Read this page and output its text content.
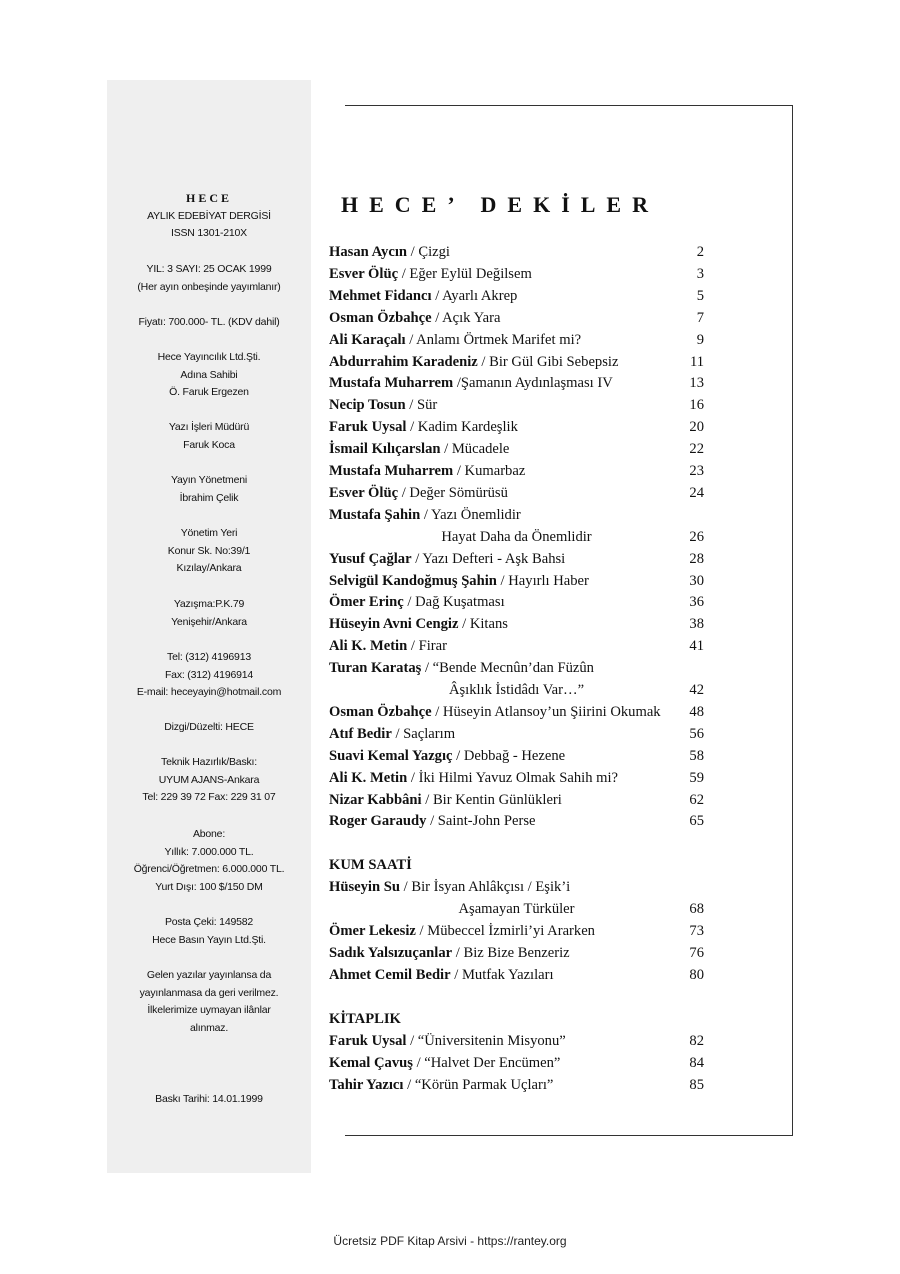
HECE
AYLIK EDEBİYAT DERGİSİ
ISSN 1301-210X
YIL: 3 SAYI: 25 OCAK 1999
(Her ayın onbeşinde yayımlanır)
Fiyatı: 700.000- TL. (KDV dahil)
Hece Yayıncılık Ltd.Şti.
Adına Sahibi
Ö. Faruk Ergezen
Yazı İşleri Müdürü
Faruk Koca
Yayın Yönetmeni
İbrahim Çelik
Yönetim Yeri
Konur Sk. No:39/1
Kızılay/Ankara
Yazışma:P.K.79
Yenişehir/Ankara
Tel: (312) 4196913
Fax: (312) 4196914
E-mail: heceyayin@hotmail.com
Dizgi/Düzelti: HECE
Teknik Hazırlık/Baskı:
UYUM AJANS-Ankara
Tel: 229 39 72 Fax: 229 31 07
Abone:
Yıllık: 7.000.000 TL.
Öğrenci/Öğretmen: 6.000.000 TL.
Yurt Dışı: 100 $/150 DM
Posta Çeki: 149582
Hece Basın Yayın Ltd.Şti.
Gelen yazılar yayınlansa da
yayınlanmasa da geri verilmez.
İlkelerimize uymayan ilânlar
alınmaz.
Baskı Tarihi: 14.01.1999
HECE’ DEKİLER
Hasan Aycın / Çizgi	2
Esver Ölüç / Eğer Eylül Değilsem	3
Mehmet Fidancı / Ayarlı Akrep	5
Osman Özbahçe / Açık Yara	7
Ali Karaçalı / Anlamı Örtmek Marifet mi?	9
Abdurrahim Karadeniz / Bir Gül Gibi Sebepsiz	11
Mustafa Muharrem /Şamanın Aydınlaşması IV	13
Necip Tosun / Sür	16
Faruk Uysal / Kadim Kardeşlik	20
İsmail Kılıçarslan / Mücadele	22
Mustafa Muharrem / Kumarbaz	23
Esver Ölüç / Değer Sömürüsü	24
Mustafa Şahin / Yazı Önemlidir
Hayat Daha da Önemlidir	26
Yusuf Çağlar / Yazı Defteri - Aşk Bahsi	28
Selvigül Kandoğmuş Şahin / Hayırlı Haber	30
Ömer Erinç / Dağ Kuşatması	36
Hüseyin Avni Cengiz / Kitans	38
Ali K. Metin / Firar	41
Turan Karataş / “Bende Mecnûn’dan Füzûn
Âşıklık İstidâdı Var…”	42
Osman Özbahçe / Hüseyin Atlansoy’un Şiirini Okumak 48
Atıf Bedir / Saçlarım	56
Suavi Kemal Yazgıç / Debbağ - Hezene	58
Ali K. Metin / İki Hilmi Yavuz Olmak Sahih mi?	59
Nizar Kabbâni / Bir Kentin Günlükleri	62
Roger Garaudy / Saint-John Perse	65
KUM SAATİ
Hüseyin Su / Bir İsyan Ahlâkçısı / Eşik’i
Aşamayan Türküler	68
Ömer Lekesiz / Mübeccel İzmirli’yi Ararken	73
Sadık Yalsızuçanlar / Biz Bize Benzeriz	76
Ahmet Cemil Bedir / Mutfak Yazıları	80
KİTAPLIK
Faruk Uysal / “Üniversitenin Misyonu”	82
Kemal Çavuş / “Halvet Der Encümen”	84
Tahir Yazıcı / “Körün Parmak Uçları”	85
Ücretsiz PDF Kitap Arsivi - https://rantey.org
